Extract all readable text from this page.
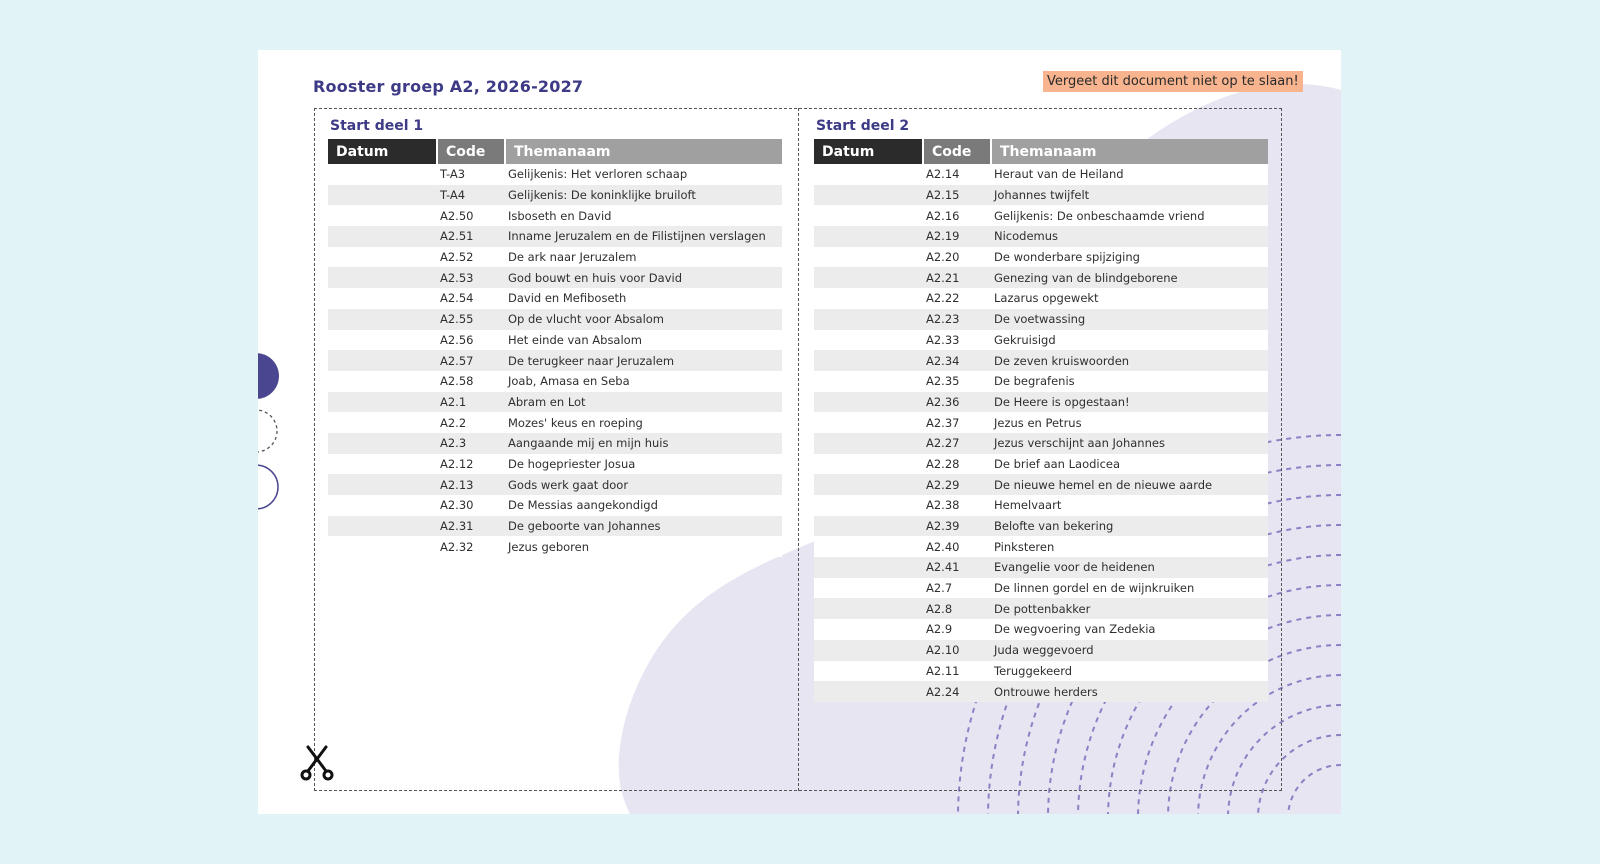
Rooster groep A2, 2026-2027	Vergeet dit document niet op te slaan!
Start deel 1
Datum	Code	Themanaam
	T-A3	Gelijkenis: Het verloren schaap
	T-A4	Gelijkenis: De koninklijke bruiloft
	A2.50	Isboseth en David
	A2.51	Inname Jeruzalem en de Filistijnen verslagen
	A2.52	De ark naar Jeruzalem
	A2.53	God bouwt en huis voor David
	A2.54	David en Mefiboseth
	A2.55	Op de vlucht voor Absalom
	A2.56	Het einde van Absalom
	A2.57	De terugkeer naar Jeruzalem
	A2.58	Joab, Amasa en Seba
	A2.1	Abram en Lot
	A2.2	Mozes' keus en roeping
	A2.3	Aangaande mij en mijn huis
	A2.12	De hogepriester Josua
	A2.13	Gods werk gaat door
	A2.30	De Messias aangekondigd
	A2.31	De geboorte van Johannes
	A2.32	Jezus geboren
Start deel 2
Datum	Code	Themanaam
	A2.14	Heraut van de Heiland
	A2.15	Johannes twijfelt
	A2.16	Gelijkenis: De onbeschaamde vriend
	A2.19	Nicodemus
	A2.20	De wonderbare spijziging
	A2.21	Genezing van de blindgeborene
	A2.22	Lazarus opgewekt
	A2.23	De voetwassing
	A2.33	Gekruisigd
	A2.34	De zeven kruiswoorden
	A2.35	De begrafenis
	A2.36	De Heere is opgestaan!
	A2.37	Jezus en Petrus
	A2.27	Jezus verschijnt aan Johannes
	A2.28	De brief aan Laodicea
	A2.29	De nieuwe hemel en de nieuwe aarde
	A2.38	Hemelvaart
	A2.39	Belofte van bekering
	A2.40	Pinksteren
	A2.41	Evangelie voor de heidenen
	A2.7	De linnen gordel en de wijnkruiken
	A2.8	De pottenbakker
	A2.9	De wegvoering van Zedekia
	A2.10	Juda weggevoerd
	A2.11	Teruggekeerd
	A2.24	Ontrouwe herders
